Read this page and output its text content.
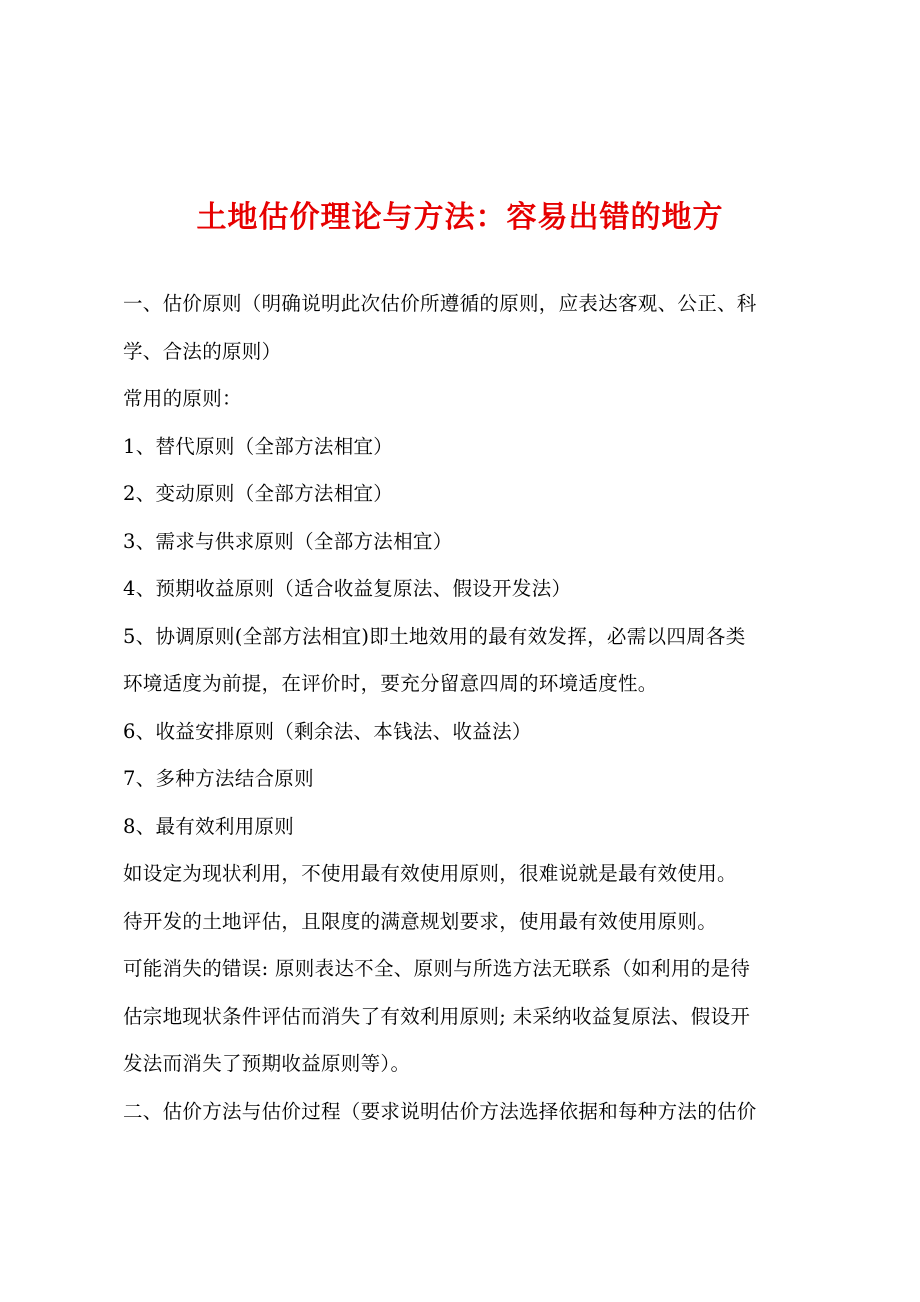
土地估价理论与方法：容易出错的地方

一、估价原则（明确说明此次估价所遵循的原则，应表达客观、公正、科
学、合法的原则）

常用的原则：

1、替代原则（全部方法相宜）

2、变动原则（全部方法相宜）

3、需求与供求原则（全部方法相宜）

4、预期收益原则（适合收益复原法、假设开发法）

5、协调原则(全部方法相宜)即土地效用的最有效发挥，必需以四周各类
环境适度为前提，在评价时，要充分留意四周的环境适度性。

6、收益安排原则（剩余法、本钱法、收益法）

7、多种方法结合原则

8、最有效利用原则

如设定为现状利用，不使用最有效使用原则，很难说就是最有效使用。

待开发的土地评估，且限度的满意规划要求，使用最有效使用原则。

可能消失的错误: 原则表达不全、原则与所选方法无联系（如利用的是待
估宗地现状条件评估而消失了有效利用原则; 未采纳收益复原法、假设开
发法而消失了预期收益原则等）。

二、估价方法与估价过程（要求说明估价方法选择依据和每种方法的估价
